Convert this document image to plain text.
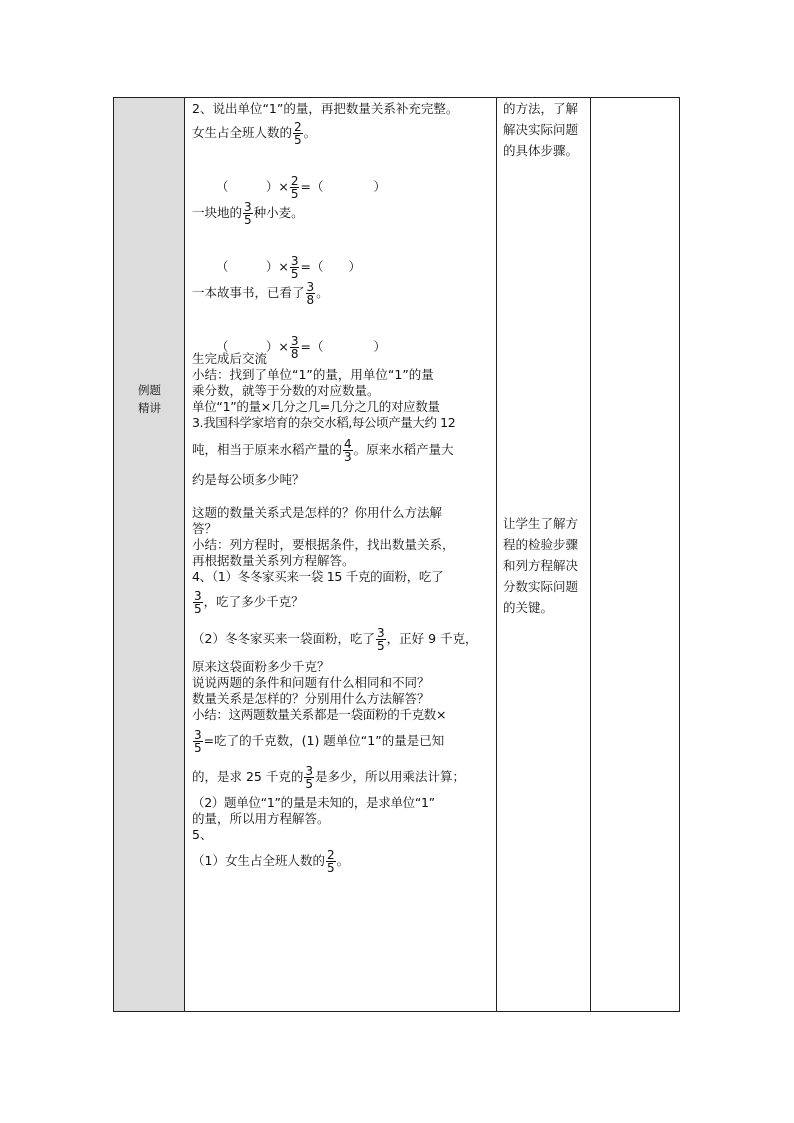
例题
精讲
2、说出单位“1”的量，再把数量关系补充完整。
女生占全班人数的 $\frac{2}{5}$ 。

（　　　）× $\frac{2}{5}$ =（　　　　）

一块地的 $\frac{3}{5}$ 种小麦。

（　　　）× $\frac{3}{5}$ =（　　）

一本故事书，已看了 $\frac{3}{8}$ 。

（　　　）× $\frac{3}{8}$ =（　　　　）

生完成后交流
小结：找到了单位“1”的量，用单位“1”的量
乘分数，就等于分数的对应数量。
单位“1”的量×几分之几=几分之几的对应数量
3.我国科学家培育的杂交水稻,每公顷产量大约 12
吨，相当于原来水稻产量的 $\frac{4}{3}$ 。原来水稻产量大
约是每公顷多少吨？
这题的数量关系式是怎样的？你用什么方法解
答？
小结：列方程时，要根据条件，找出数量关系，
再根据数量关系列方程解答。
4、（1）冬冬家买来一袋 15 千克的面粉，吃了
$\frac{3}{5}$ ，吃了多少千克？
（2）冬冬家买来一袋面粉，吃了 $\frac{3}{5}$ ，正好 9 千克，
原来这袋面粉多少千克？
说说两题的条件和问题有什么相同和不同？
数量关系是怎样的？分别用什么方法解答？
小结：这两题数量关系都是一袋面粉的千克数×
$\frac{3}{5}$ =吃了的千克数，(1) 题单位“1”的量是已知
的，是求 25 千克的 $\frac{3}{5}$ 是多少，所以用乘法计算；
（2）题单位“1”的量是未知的，是求单位“1”
的量，所以用方程解答。
5、
（1）女生占全班人数的 $\frac{2}{5}$ 。
的方法，了解解决实际问题的具体步骤。
让学生了解方程的检验步骤和列方程解决分数实际问题的关键。
